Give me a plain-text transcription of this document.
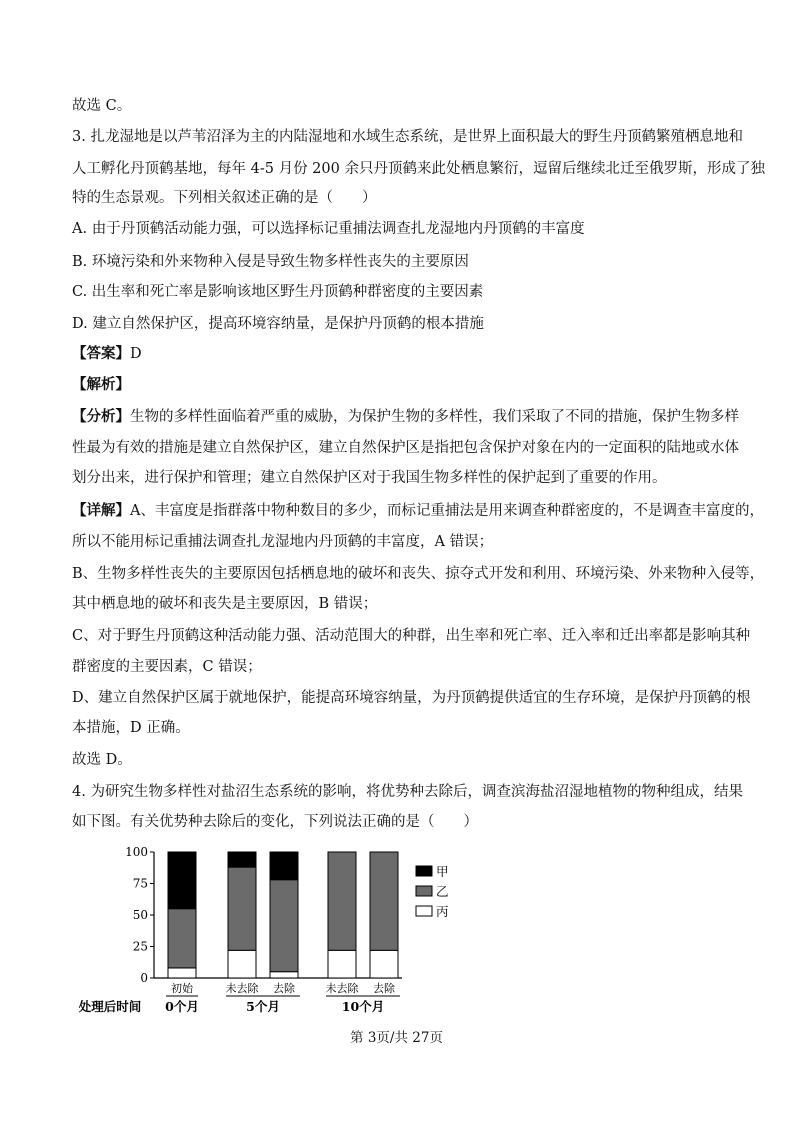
故选 C。
3. 扎龙湿地是以芦苇沼泽为主的内陆湿地和水域生态系统，是世界上面积最大的野生丹顶鹤繁殖栖息地和
人工孵化丹顶鹤基地，每年 4-5 月份 200 余只丹顶鹤来此处栖息繁衍，逗留后继续北迁至俄罗斯，形成了独
特的生态景观。下列相关叙述正确的是（　　）
A. 由于丹顶鹤活动能力强，可以选择标记重捕法调查扎龙湿地内丹顶鹤的丰富度
B. 环境污染和外来物种入侵是导致生物多样性丧失的主要原因
C. 出生率和死亡率是影响该地区野生丹顶鹤种群密度的主要因素
D. 建立自然保护区，提高环境容纳量，是保护丹顶鹤的根本措施
【答案】D
【解析】
【分析】生物的多样性面临着严重的威胁，为保护生物的多样性，我们采取了不同的措施，保护生物多样
性最为有效的措施是建立自然保护区，建立自然保护区是指把包含保护对象在内的一定面积的陆地或水体
划分出来，进行保护和管理；建立自然保护区对于我国生物多样性的保护起到了重要的作用。
【详解】A、丰富度是指群落中物种数目的多少，而标记重捕法是用来调查种群密度的，不是调查丰富度的，
所以不能用标记重捕法调查扎龙湿地内丹顶鹤的丰富度，A 错误；
B、生物多样性丧失的主要原因包括栖息地的破坏和丧失、掠夺式开发和利用、环境污染、外来物种入侵等，
其中栖息地的破坏和丧失是主要原因，B 错误；
C、对于野生丹顶鹤这种活动能力强、活动范围大的种群，出生率和死亡率、迁入率和迁出率都是影响其种
群密度的主要因素，C 错误；
D、建立自然保护区属于就地保护，能提高环境容纳量，为丹顶鹤提供适宜的生存环境，是保护丹顶鹤的根
本措施，D 正确。
故选 D。
4. 为研究生物多样性对盐沼生态系统的影响，将优势种去除后，调查滨海盐沼湿地植物的物种组成，结果
如下图。有关优势种去除后的变化，下列说法正确的是（　　）
0
25
50
75
100
初始	未去除 去除	未去除 去除
0个月	5个月	10个月
处理后时间
甲
乙
丙
第 3页/共 27页
